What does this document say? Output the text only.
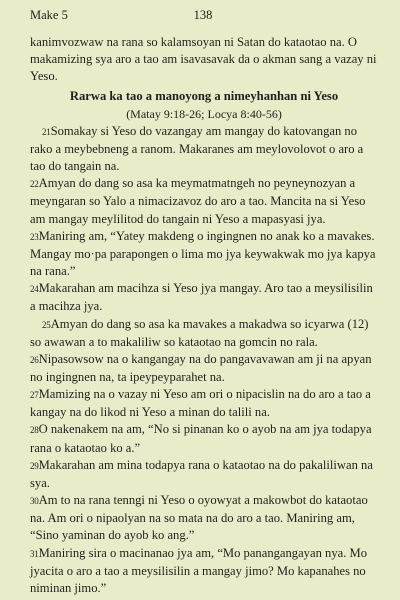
Make 5	138

kanimvozwaw na rana so kalamsoyan ni Satan do kataotao na. O makamizing sya aro a tao am isavasavak da o akman sang a vazay ni Yeso.

Rarwa ka tao a manoyong a nimeyhanhan ni Yeso

(Matay 9:18-26; Locya 8:40-56)

21Somakay si Yeso do vazangay am mangay do katovangan no rako a meybebneng a ranom. Makaranes am meylovolovot o aro a tao do tangain na.

22Amyan do dang so asa ka meymatmatngeh no peyneynozyan a meyngaran so Yalo a nimacizavoz do aro a tao. Mancita na si Yeso am mangay meylilitod do tangain ni Yeso a mapasyasi jya.

23Maniring am, “Yatey makdeng o ingingnen no anak ko a mavakes. Mangay mo·pa parapongen o lima mo jya keywakwak mo jya kapya na rana.”

24Makarahan am macihza si Yeso jya mangay. Aro tao a meysilisilin a macihza jya.

25Amyan do dang so asa ka mavakes a makadwa so icyarwa (12) so awawan a to makaliliw so kataotao na gomcin no rala.

26Nipasowsow na o kangangay na do pangavavawan am ji na apyan no ingingnen na, ta ipeypeyparahet na.

27Mamizing na o vazay ni Yeso am ori o nipacislin na do aro a tao a kangay na do likod ni Yeso a minan do talili na.

28O nakenakem na am, “No si pinanan ko o ayob na am jya todapya rana o kataotao ko a.”

29Makarahan am mina todapya rana o kataotao na do pakaliliwan na sya.

30Am to na rana tenngi ni Yeso o oyowyat a makowbot do kataotao na. Am ori o nipaolyan na so mata na do aro a tao. Maniring am, “Sino yaminan do ayob ko ang.”

31Maniring sira o macinanao jya am, “Mo panangangayan nya. Mo jyacita o aro a tao a meysilisilin a mangay jimo? Mo kapanahes no niminan jimo.”
